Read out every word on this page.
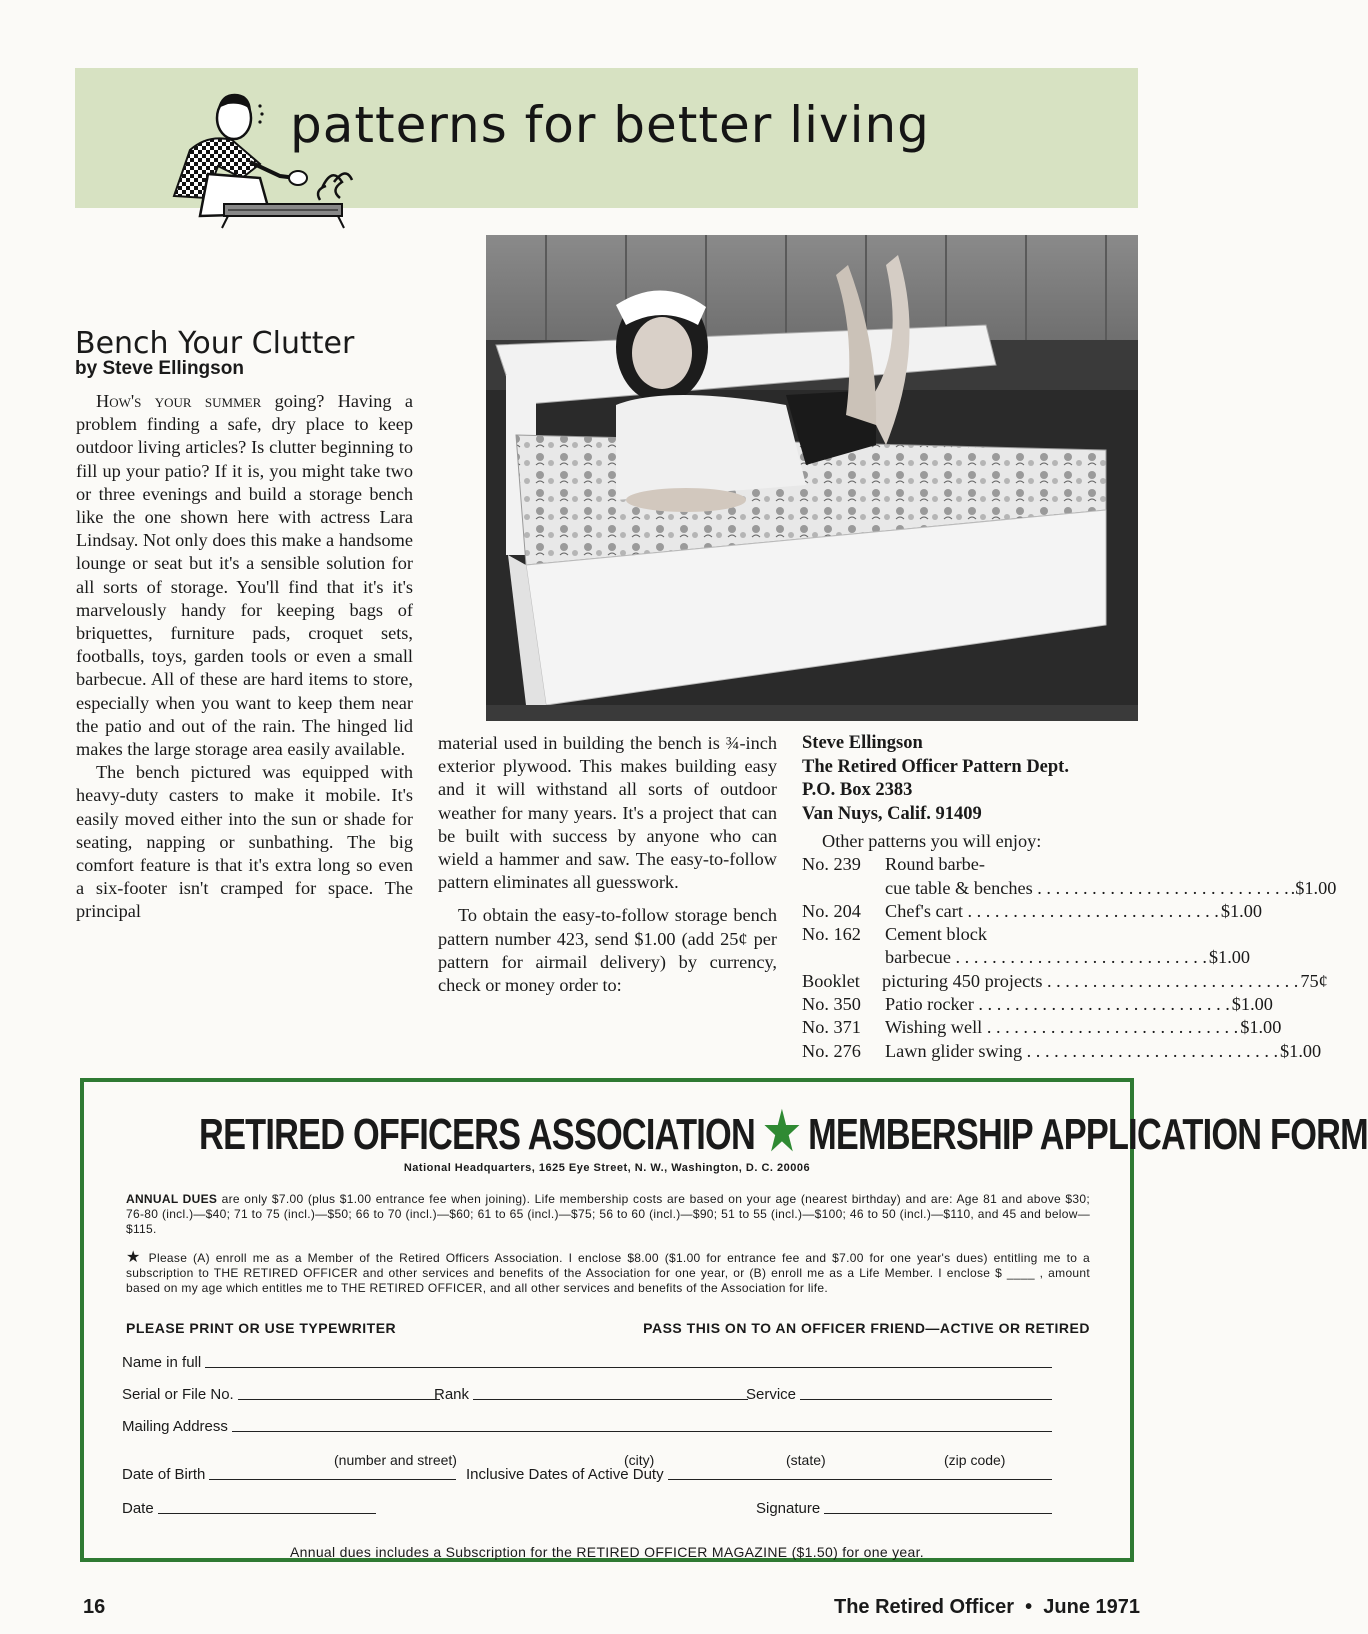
patterns for better living
Bench Your Clutter
by Steve Ellingson

How's your summer going? Having a problem finding a safe, dry place to keep outdoor living articles? Is clutter beginning to fill up your patio? If it is, you might take two or three evenings and build a storage bench like the one shown here with actress Lara Lindsay. Not only does this make a handsome lounge or seat but it's a sensible solution for all sorts of storage. You'll find that it's it's marvelously handy for keeping bags of briquettes, furniture pads, croquet sets, footballs, toys, garden tools or even a small barbecue. All of these are hard items to store, especially when you want to keep them near the patio and out of the rain. The hinged lid makes the large storage area easily available.

The bench pictured was equipped with heavy-duty casters to make it mobile. It's easily moved either into the sun or shade for seating, napping or sunbathing. The big comfort feature is that it's extra long so even a six-footer isn't cramped for space. The principal

material used in building the bench is ¾-inch exterior plywood. This makes building easy and it will withstand all sorts of outdoor weather for many years. It's a project that can be built with success by anyone who can wield a hammer and saw. The easy-to-follow pattern eliminates all guesswork.

To obtain the easy-to-follow storage bench pattern number 423, send $1.00 (add 25¢ per pattern for airmail delivery) by currency, check or money order to:

Steve Ellingson
The Retired Officer Pattern Dept.
P.O. Box 2383
Van Nuys, Calif. 91409
Other patterns you will enjoy:
No. 239	Round barbe-
cue table & benches . . .	.$1.00
No. 204	Chef's cart . . .	$1.00
No. 162	Cement block
barbecue . . .	$1.00
Booklet	picturing 450 projects . . .	75¢
No. 350	Patio rocker . . .	$1.00
No. 371	Wishing well . . .	$1.00
No. 276	Lawn glider swing . . .	$1.00
RETIRED OFFICERS ASSOCIATION ★ MEMBERSHIP APPLICATION FORM
National Headquarters, 1625 Eye Street, N. W., Washington, D. C. 20006
ANNUAL DUES are only $7.00 (plus $1.00 entrance fee when joining). Life membership costs are based on your age (nearest birthday) and are: Age 81 and above $30; 76-80 (incl.)—$40; 71 to 75 (incl.)—$50; 66 to 70 (incl.)—$60; 61 to 65 (incl.)—$75; 56 to 60 (incl.)—$90; 51 to 55 (incl.)—$100; 46 to 50 (incl.)—$110, and 45 and below—$115.
★ Please (A) enroll me as a Member of the Retired Officers Association. I enclose $8.00 ($1.00 for entrance fee and $7.00 for one year's dues) entitling me to a subscription to THE RETIRED OFFICER and other services and benefits of the Association for one year, or (B) enroll me as a Life Member. I enclose $ ____ , amount based on my age which entitles me to THE RETIRED OFFICER, and all other services and benefits of the Association for life.
PLEASE PRINT OR USE TYPEWRITER	PASS THIS ON TO AN OFFICER FRIEND—ACTIVE OR RETIRED
Name in full
Serial or File No.	Rank	Service
Mailing Address
(number and street)	(city)	(state)	(zip code)
Date of Birth	Inclusive Dates of Active Duty
Date	Signature
Annual dues includes a Subscription for the RETIRED OFFICER MAGAZINE ($1.50) for one year.
16	The Retired Officer  •  June 1971
